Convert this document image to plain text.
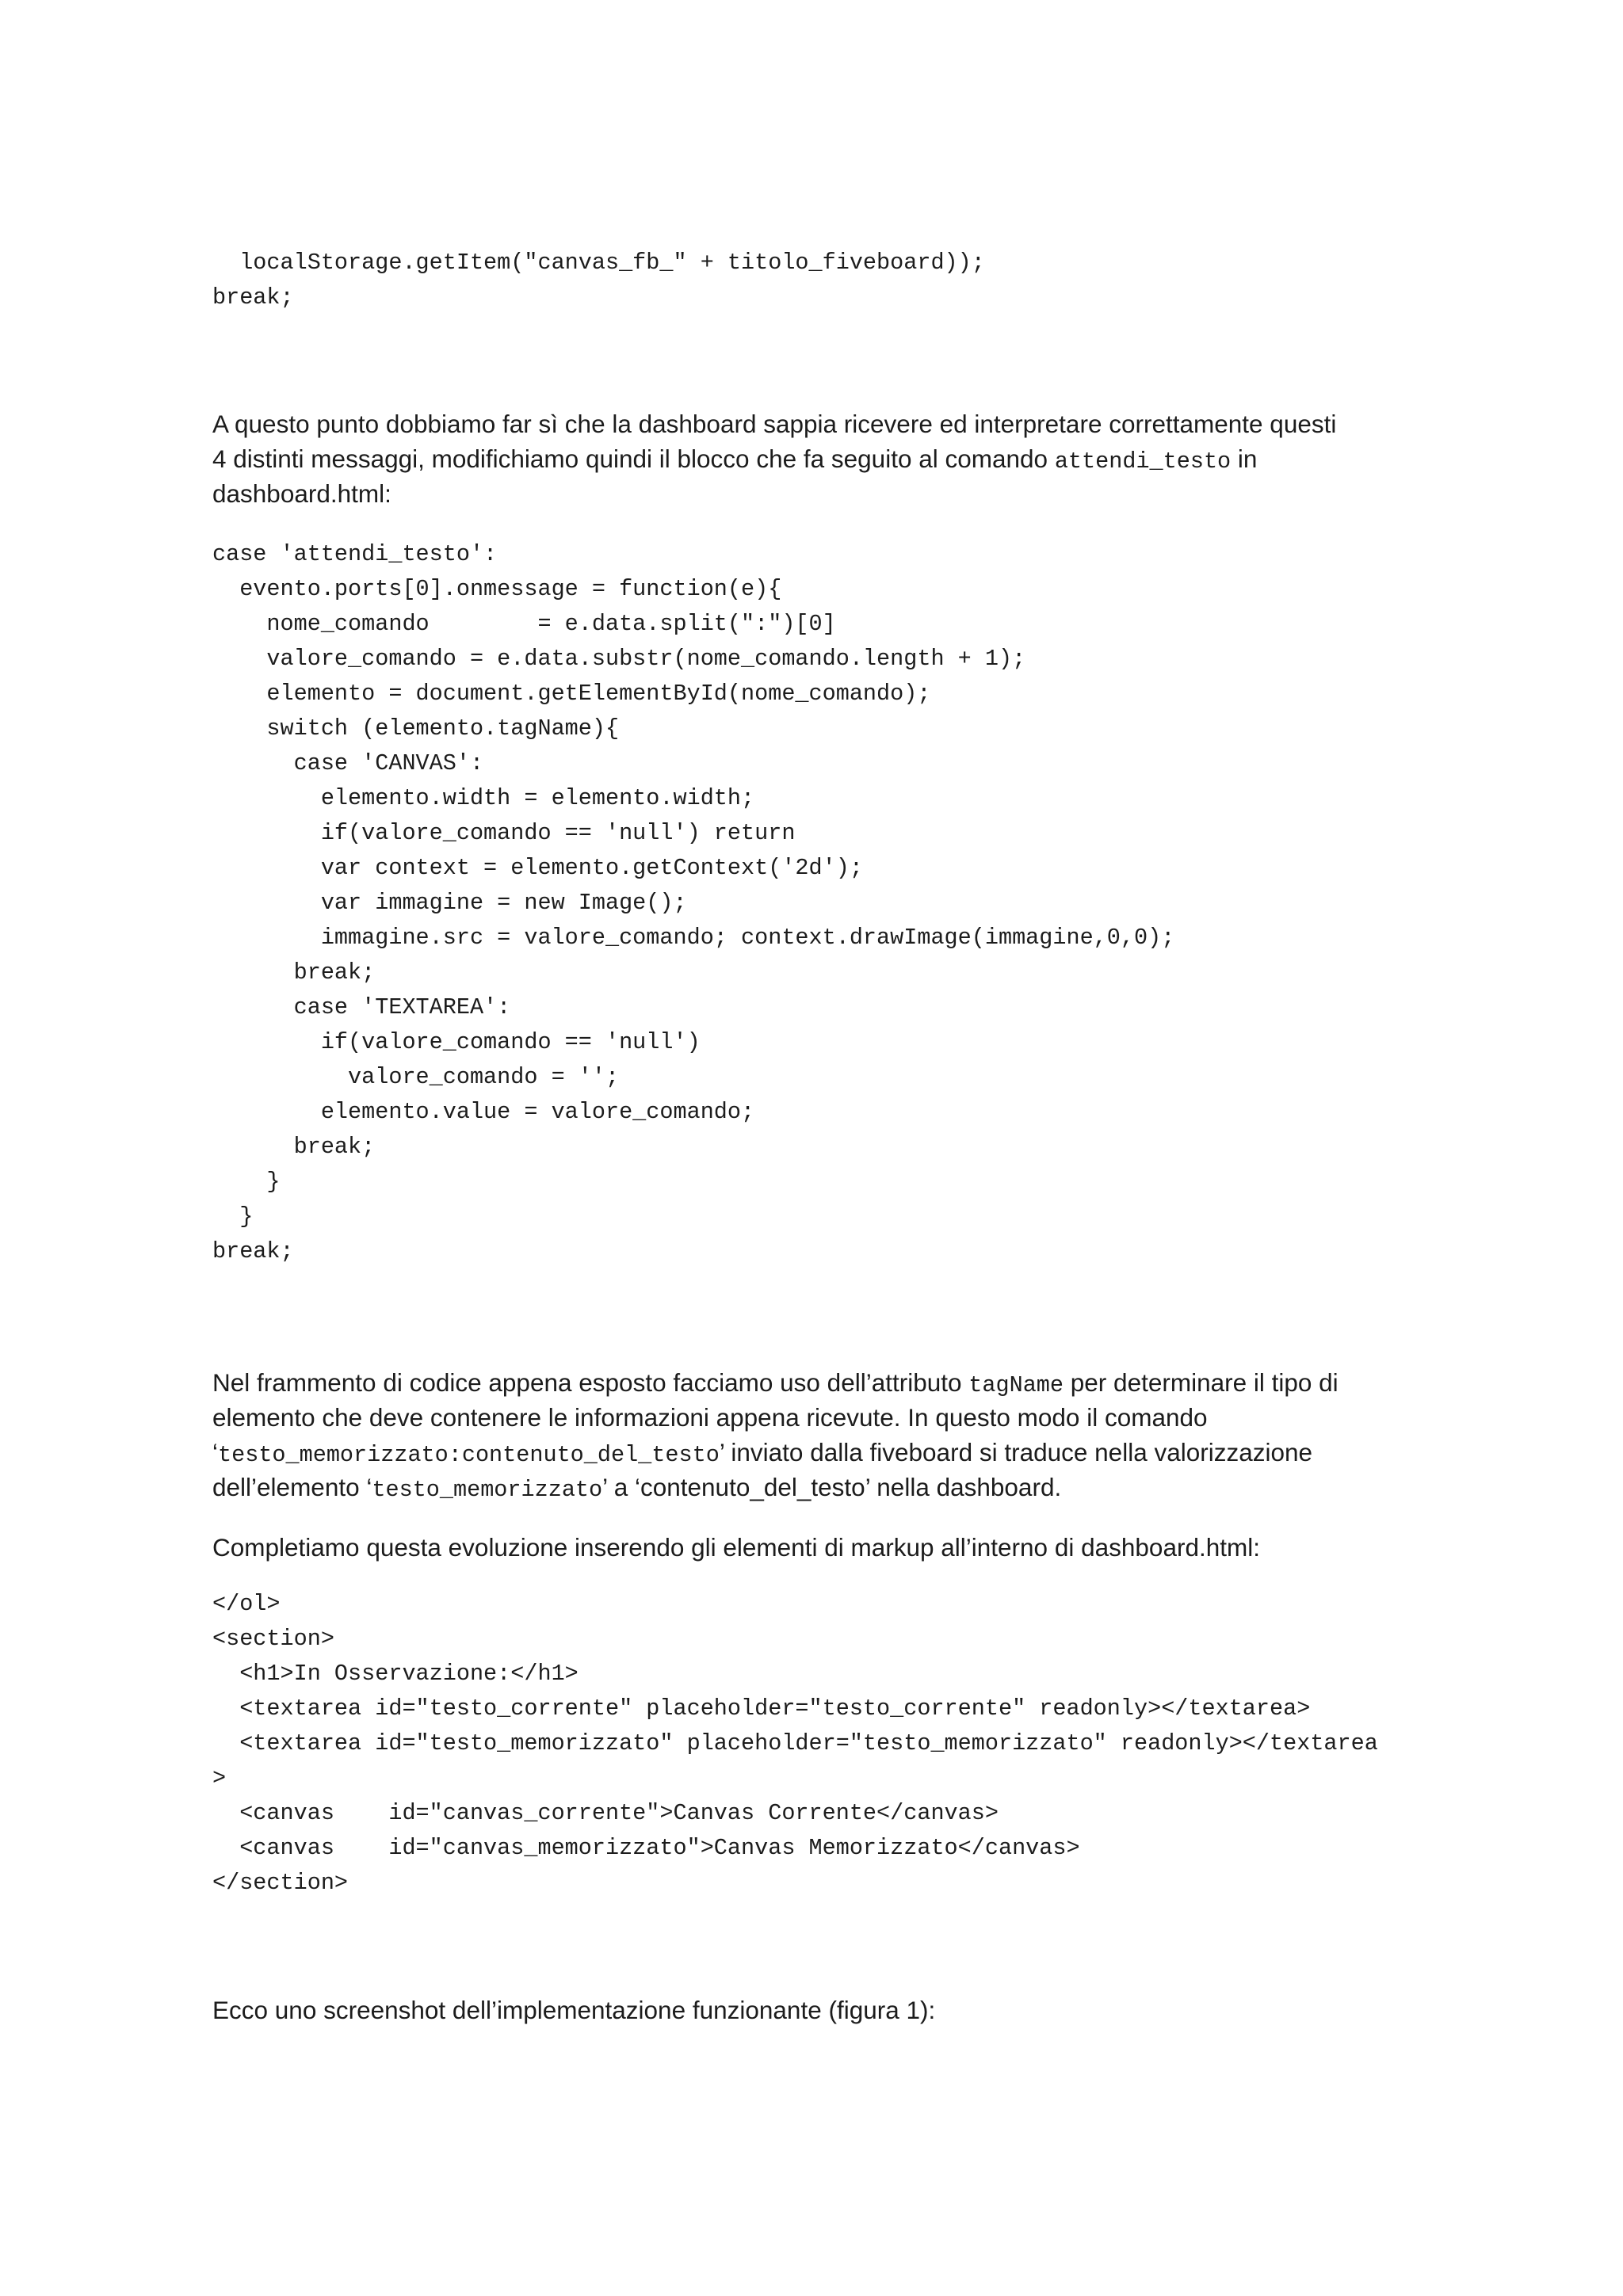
localStorage.getItem("canvas_fb_" + titolo_fiveboard));
break;
A questo punto dobbiamo far sì che la dashboard sappia ricevere ed interpretare correttamente questi
4 distinti messaggi, modifichiamo quindi il blocco che fa seguito al comando attendi_testo in
dashboard.html:
case 'attendi_testo':
evento.ports[0].onmessage = function(e){
nome_comando        = e.data.split(":")[0]
valore_comando = e.data.substr(nome_comando.length + 1);
elemento = document.getElementById(nome_comando);
switch (elemento.tagName){
case 'CANVAS':
elemento.width = elemento.width;
if(valore_comando == 'null') return
var context = elemento.getContext('2d');
var immagine = new Image();
immagine.src = valore_comando; context.drawImage(immagine,0,0);
break;
case 'TEXTAREA':
if(valore_comando == 'null')
valore_comando = '';
elemento.value = valore_comando;
break;
}
}
break;
Nel frammento di codice appena esposto facciamo uso dell’attributo tagName per determinare il tipo di
elemento che deve contenere le informazioni appena ricevute. In questo modo il comando
‘testo_memorizzato:contenuto_del_testo’ inviato dalla fiveboard si traduce nella valorizzazione
dell’elemento ‘testo_memorizzato’ a ‘contenuto_del_testo’ nella dashboard.
Completiamo questa evoluzione inserendo gli elementi di markup all’interno di dashboard.html:
</ol>
<section>
<h1>In Osservazione:</h1>
<textarea id="testo_corrente" placeholder="testo_corrente" readonly></textarea>
<textarea id="testo_memorizzato" placeholder="testo_memorizzato" readonly></textarea
>
<canvas    id="canvas_corrente">Canvas Corrente</canvas>
<canvas    id="canvas_memorizzato">Canvas Memorizzato</canvas>
</section>
Ecco uno screenshot dell’implementazione funzionante (figura 1):
